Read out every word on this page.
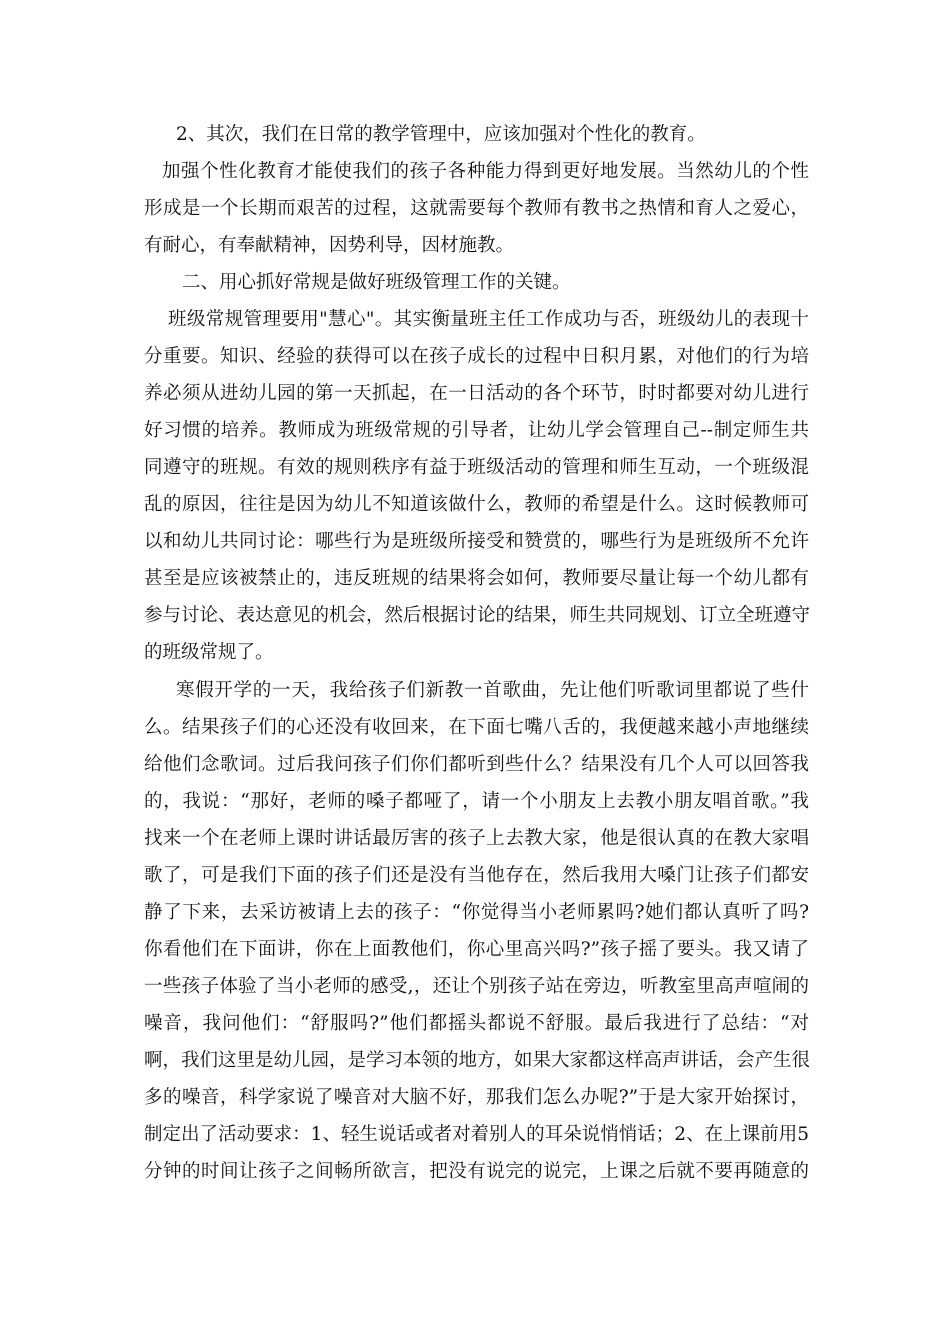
2、其次，我们在日常的教学管理中，应该加强对个性化的教育。
加强个性化教育才能使我们的孩子各种能力得到更好地发展。当然幼儿的个性
形成是一个长期而艰苦的过程，这就需要每个教师有教书之热情和育人之爱心，
有耐心，有奉献精神，因势利导，因材施教。
二、用心抓好常规是做好班级管理工作的关键。
班级常规管理要用"慧心"。其实衡量班主任工作成功与否，班级幼儿的表现十
分重要。知识、经验的获得可以在孩子成长的过程中日积月累，对他们的行为培
养必须从进幼儿园的第一天抓起，在一日活动的各个环节，时时都要对幼儿进行
好习惯的培养。教师成为班级常规的引导者，让幼儿学会管理自己--制定师生共
同遵守的班规。有效的规则秩序有益于班级活动的管理和师生互动，一个班级混
乱的原因，往往是因为幼儿不知道该做什么，教师的希望是什么。这时候教师可
以和幼儿共同讨论：哪些行为是班级所接受和赞赏的，哪些行为是班级所不允许
甚至是应该被禁止的，违反班规的结果将会如何，教师要尽量让每一个幼儿都有
参与讨论、表达意见的机会，然后根据讨论的结果，师生共同规划、订立全班遵守
的班级常规了。
寒假开学的一天，我给孩子们新教一首歌曲，先让他们听歌词里都说了些什
么。结果孩子们的心还没有收回来，在下面七嘴八舌的，我便越来越小声地继续
给他们念歌词。过后我问孩子们你们都听到些什么？结果没有几个人可以回答我
的，我说：“那好，老师的嗓子都哑了，请一个小朋友上去教小朋友唱首歌。”我
找来一个在老师上课时讲话最厉害的孩子上去教大家，他是很认真的在教大家唱
歌了，可是我们下面的孩子们还是没有当他存在，然后我用大嗓门让孩子们都安
静了下来，去采访被请上去的孩子：“你觉得当小老师累吗?她们都认真听了吗?
你看他们在下面讲，你在上面教他们，你心里高兴吗?”孩子摇了要头。我又请了
一些孩子体验了当小老师的感受,，还让个别孩子站在旁边，听教室里高声喧闹的
噪音，我问他们：“舒服吗?”他们都摇头都说不舒服。最后我进行了总结：“对
啊，我们这里是幼儿园，是学习本领的地方，如果大家都这样高声讲话，会产生很
多的噪音，科学家说了噪音对大脑不好，那我们怎么办呢?”于是大家开始探讨，
制定出了活动要求：1、轻生说话或者对着别人的耳朵说悄悄话；2、在上课前用5
分钟的时间让孩子之间畅所欲言，把没有说完的说完，上课之后就不要再随意的
